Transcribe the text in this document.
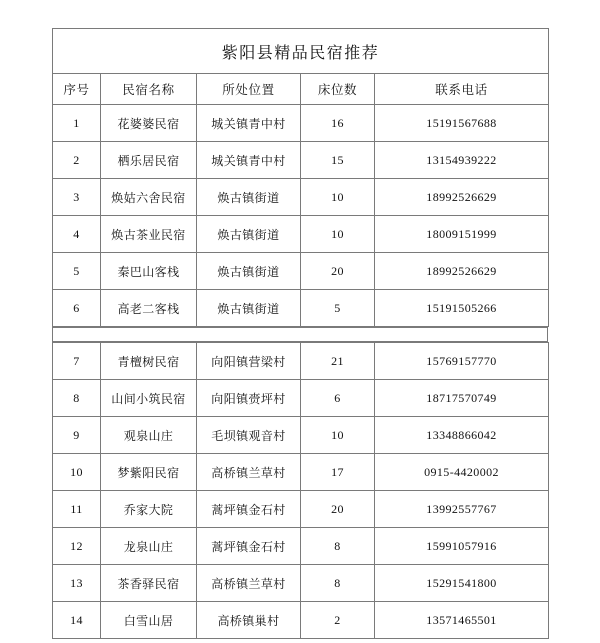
紫阳县精品民宿推荐				
序号	民宿名称	所处位置	床位数	联系电话
1	花婆婆民宿	城关镇青中村	16	15191567688
2	栖乐居民宿	城关镇青中村	15	13154939222
3	焕姑六舍民宿	焕古镇街道	10	18992526629
4	焕古茶业民宿	焕古镇街道	10	18009151999
5	秦巴山客栈	焕古镇街道	20	18992526629
6	高老二客栈	焕古镇街道	5	15191505266
7	青檀树民宿	向阳镇营梁村	21	15769157770
8	山间小筑民宿	向阳镇赍坪村	6	18717570749
9	观泉山庄	毛坝镇观音村	10	13348866042
10	梦紫阳民宿	高桥镇兰草村	17	0915-4420002
11	乔家大院	蒿坪镇金石村	20	13992557767
12	龙泉山庄	蒿坪镇金石村	8	15991057916
13	茶香驿民宿	高桥镇兰草村	8	15291541800
14	白雪山居	高桥镇巢村	2	13571465501
